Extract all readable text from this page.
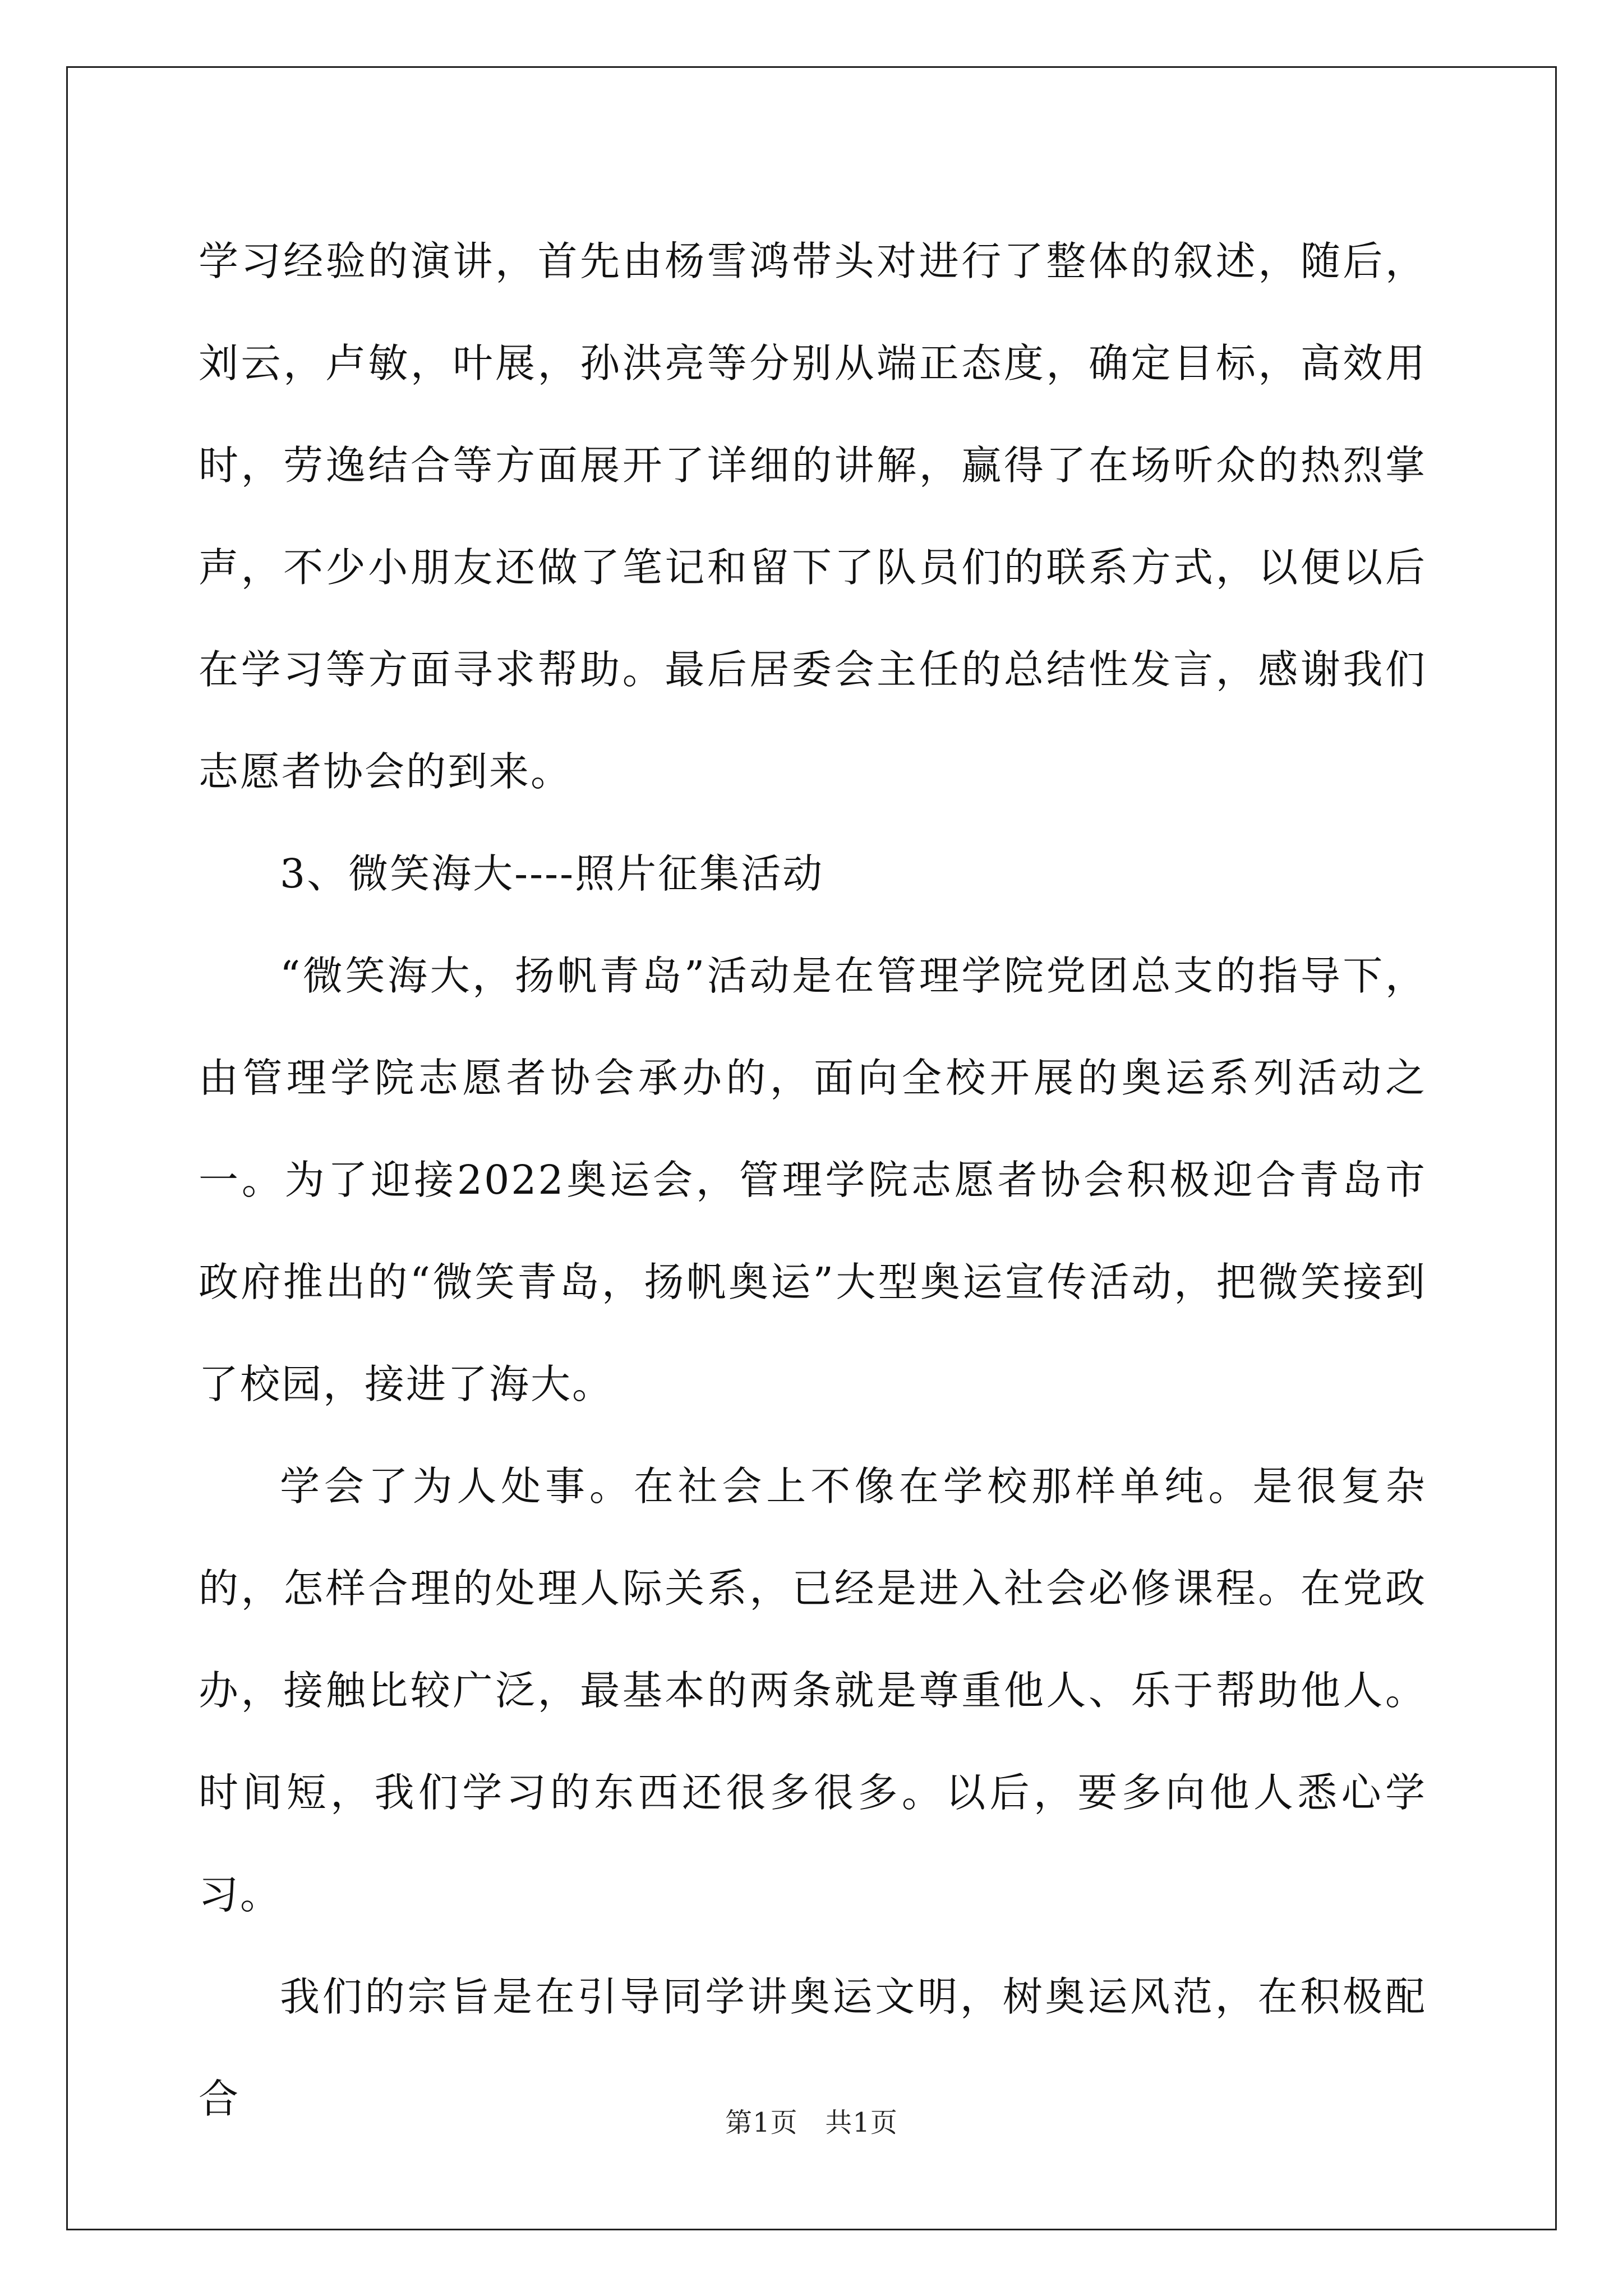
学习经验的演讲，首先由杨雪鸿带头对进行了整体的叙述，随后，刘云，卢敏，叶展，孙洪亮等分别从端正态度，确定目标，高效用时，劳逸结合等方面展开了详细的讲解，赢得了在场听众的热烈掌声，不少小朋友还做了笔记和留下了队员们的联系方式，以便以后在学习等方面寻求帮助。最后居委会主任的总结性发言，感谢我们志愿者协会的到来。

3、微笑海大----照片征集活动

“微笑海大，扬帆青岛”活动是在管理学院党团总支的指导下，由管理学院志愿者协会承办的，面向全校开展的奥运系列活动之一。为了迎接2022奥运会，管理学院志愿者协会积极迎合青岛市政府推出的“微笑青岛，扬帆奥运”大型奥运宣传活动，把微笑接到了校园，接进了海大。

学会了为人处事。在社会上不像在学校那样单纯。是很复杂的，怎样合理的处理人际关系，已经是进入社会必修课程。在党政办，接触比较广泛，最基本的两条就是尊重他人、乐于帮助他人。时间短，我们学习的东西还很多很多。以后，要多向他人悉心学习。

我们的宗旨是在引导同学讲奥运文明，树奥运风范，在积极配合

第1页 共1页
